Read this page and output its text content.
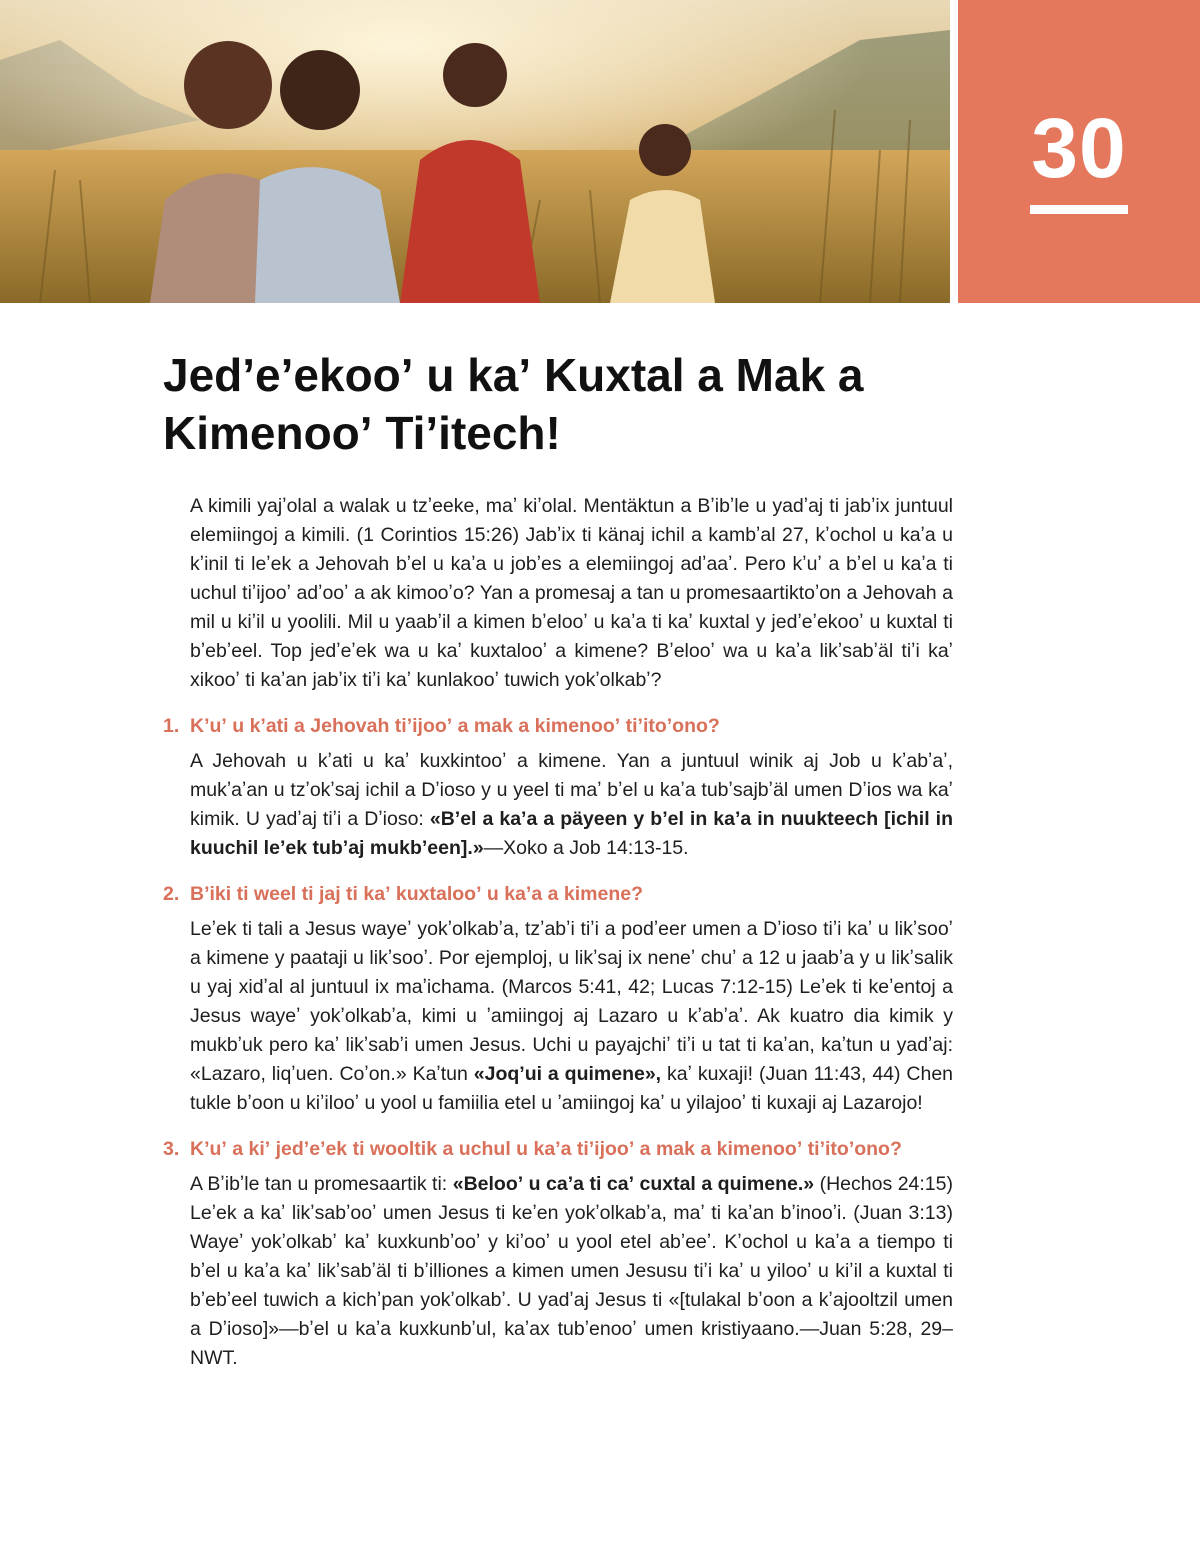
30
Jedʼeʼekooʼ u kaʼ Kuxtal a Mak a Kimenooʼ Tiʼitech!

A kimili yajʼolal a walak u tzʼeeke, maʼ kiʼolal. Mentäktun a Bʼibʼle u yadʼaj ti jabʼix juntuul elemiingoj a kimili. (1 Corintios 15:26) Jabʼix ti känaj ichil a kambʼal 27, kʼochol u kaʼa u kʼinil ti leʼek a Jehovah bʼel u kaʼa u jobʼes a elemiingoj adʼaaʼ. Pero kʼuʼ a bʼel u kaʼa ti uchul tiʼijooʼ adʼooʼ a ak kimooʼo? Yan a promesaj a tan u promesaartiktoʼon a Jehovah a mil u kiʼil u yoolili. Mil u yaabʼil a kimen bʼelooʼ u kaʼa ti kaʼ kuxtal y jedʼeʼekooʼ u kuxtal ti bʼebʼeel. Top jedʼeʼek wa u kaʼ kuxtalooʼ a kimene? Bʼelooʼ wa u kaʼa likʼsabʼäl tiʼi kaʼ xikooʼ ti kaʼan jabʼix tiʼi kaʼ kunlakooʼ tuwich yokʼolkabʼ?

1. Kʼuʼ u kʼati a Jehovah tiʼijooʼ a mak a kimenooʼ tiʼitoʼono?

A Jehovah u kʼati u kaʼ kuxkintooʼ a kimene. Yan a juntuul winik aj Job u kʼabʼaʼ, mukʼaʼan u tzʼokʼsaj ichil a Dʼioso y u yeel ti maʼ bʼel u kaʼa tubʼsajbʼäl umen Dʼios wa kaʼ kimik. U yadʼaj tiʼi a Dʼioso: «Bʼel a kaʼa a päyeen y bʼel in kaʼa in nuukteech [ichil in kuuchil leʼek tubʼaj mukbʼeen].»—Xoko a Job 14:13-15.

2. Bʼiki ti weel ti jaj ti kaʼ kuxtalooʼ u kaʼa a kimene?

Leʼek ti tali a Jesus wayeʼ yokʼolkabʼa, tzʼabʼi tiʼi a podʼeer umen a Dʼioso tiʼi kaʼ u likʼsooʼ a kimene y paataji u likʼsooʼ. Por ejemploj, u likʼsaj ix neneʼ chuʼ a 12 u jaabʼa y u likʼsalik u yaj xidʼal al juntuul ix maʼichama. (Marcos 5:41, 42; Lucas 7:12-15) Leʼek ti keʼentoj a Jesus wayeʼ yokʼolkabʼa, kimi u ʼamiingoj aj Lazaro u kʼabʼaʼ. Ak kuatro dia kimik y mukbʼuk pero kaʼ likʼsabʼi umen Jesus. Uchi u payajchiʼ tiʼi u tat ti kaʼan, kaʼtun u yadʼaj: «Lazaro, liqʼuen. Coʼon.» Kaʼtun «Joqʼui a quimene», kaʼ kuxaji! (Juan 11:43, 44) Chen tukle bʼoon u kiʼilooʼ u yool u famiilia etel u ʼamiingoj kaʼ u yilajooʼ ti kuxaji aj Lazarojo!

3. Kʼuʼ a kiʼ jedʼeʼek ti wooltik a uchul u kaʼa tiʼijooʼ a mak a kimenooʼ tiʼitoʼono?

A Bʼibʼle tan u promesaartik ti: «Belooʼ u caʼa ti caʼ cuxtal a quimene.» (Hechos 24:15) Leʼek a kaʼ likʼsabʼooʼ umen Jesus ti keʼen yokʼolkabʼa, maʼ ti kaʼan bʼinooʼi. (Juan 3:13) Wayeʼ yokʼolkabʼ kaʼ kuxkunbʼooʼ y kiʼooʼ u yool etel abʼeeʼ. Kʼochol u kaʼa a tiempo ti bʼel u kaʼa kaʼ likʼsabʼäl ti bʼilliones a kimen umen Jesusu tiʼi kaʼ u yilooʼ u kiʼil a kuxtal ti bʼebʼeel tuwich a kichʼpan yokʼolkabʼ. U yadʼaj Jesus ti «[tulakal bʼoon a kʼajooltzil umen a Dʼioso]»—bʼel u kaʼa kuxkunbʼul, kaʼax tubʼenooʼ umen kristiyaano.—Juan 5:28, 29–NWT.
